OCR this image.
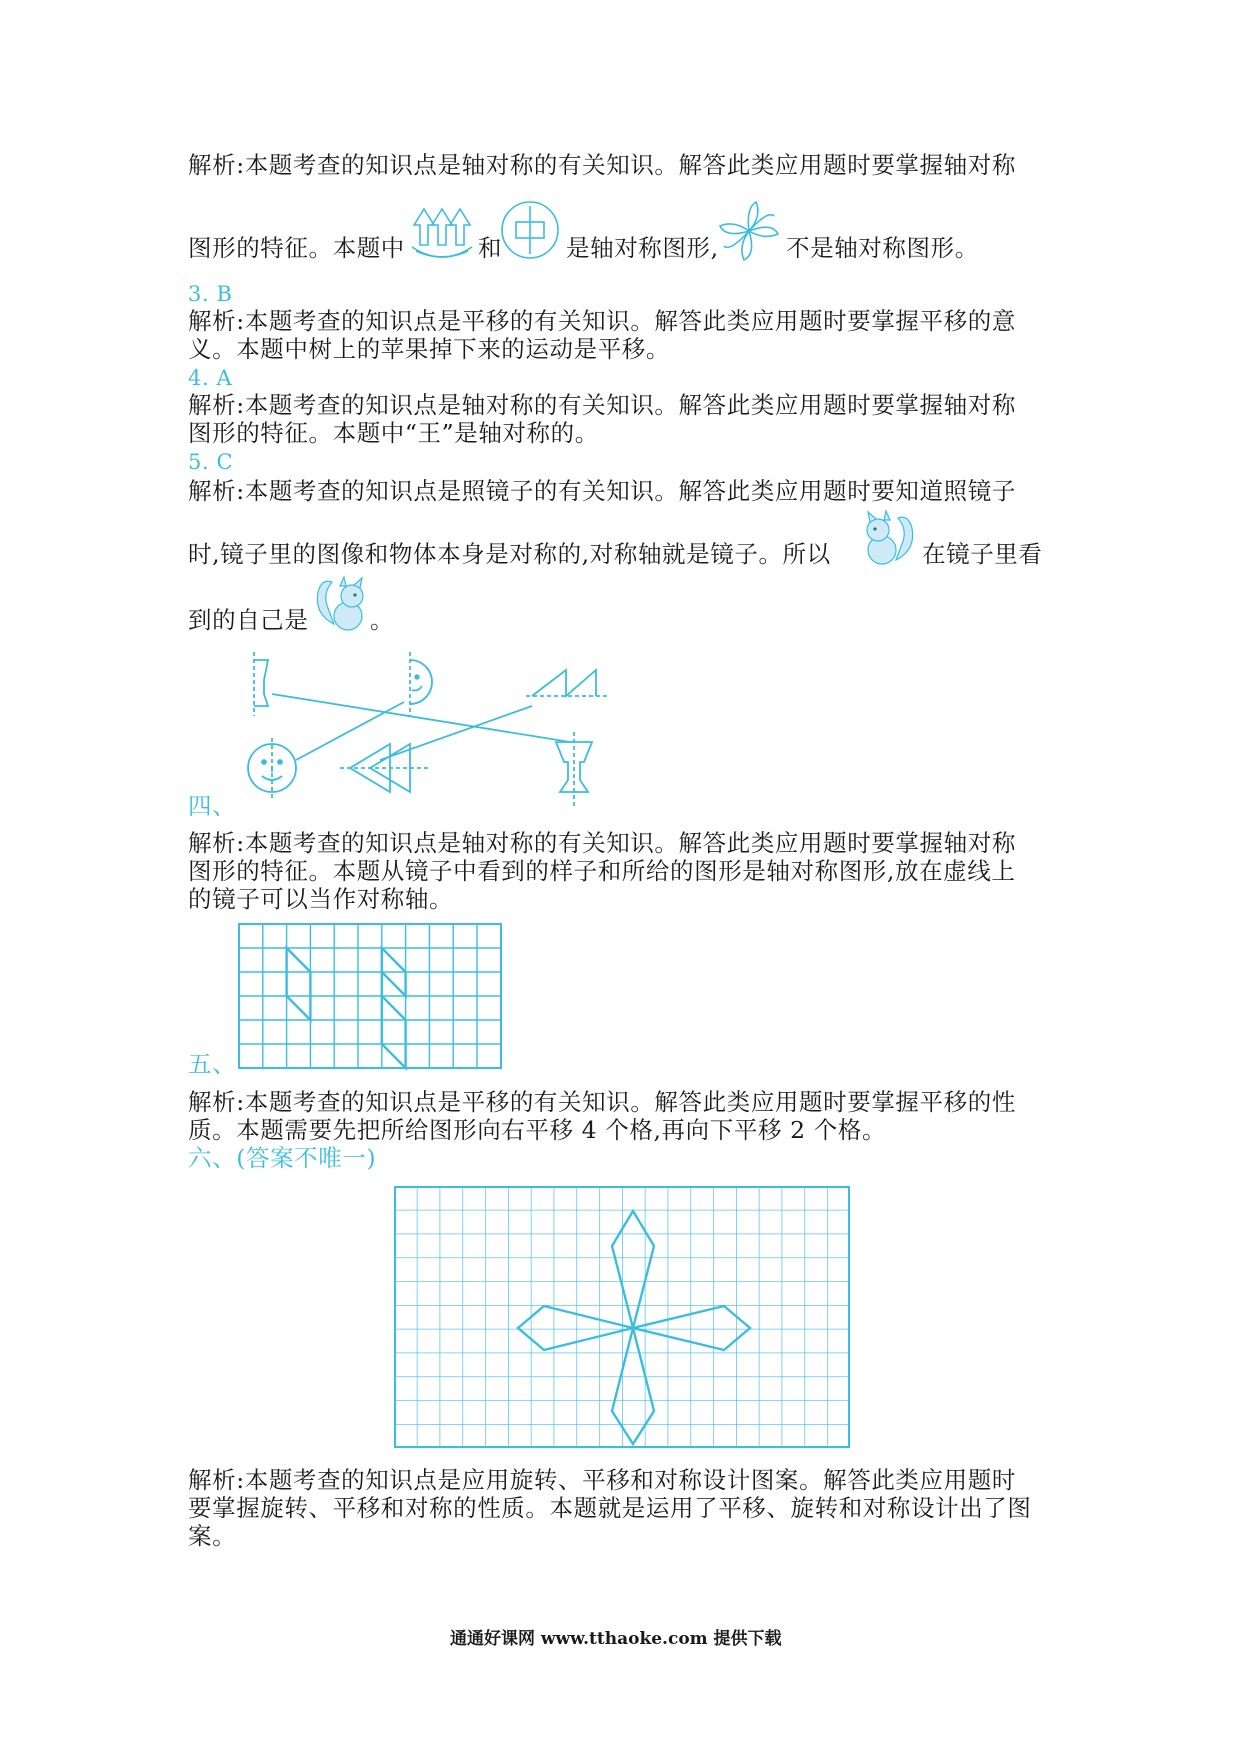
解析:本题考查的知识点是轴对称的有关知识。解答此类应用题时要掌握轴对称
图形的特征。本题中	和	是轴对称图形,	不是轴对称图形。
3. B
解析:本题考查的知识点是平移的有关知识。解答此类应用题时要掌握平移的意
义。本题中树上的苹果掉下来的运动是平移。
4. A
解析:本题考查的知识点是轴对称的有关知识。解答此类应用题时要掌握轴对称
图形的特征。本题中“王”是轴对称的。
5. C
解析:本题考查的知识点是照镜子的有关知识。解答此类应用题时要知道照镜子
时,镜子里的图像和物体本身是对称的,对称轴就是镜子。所以	在镜子里看
到的自己是	。
四、
解析:本题考查的知识点是轴对称的有关知识。解答此类应用题时要掌握轴对称
图形的特征。本题从镜子中看到的样子和所给的图形是轴对称图形,放在虚线上
的镜子可以当作对称轴。
五、
解析:本题考查的知识点是平移的有关知识。解答此类应用题时要掌握平移的性
质。本题需要先把所给图形向右平移 4 个格,再向下平移 2 个格。
六、(答案不唯一)
解析:本题考查的知识点是应用旋转、平移和对称设计图案。解答此类应用题时
要掌握旋转、平移和对称的性质。本题就是运用了平移、旋转和对称设计出了图
案。
通通好课网 www.tthaoke.com 提供下载
